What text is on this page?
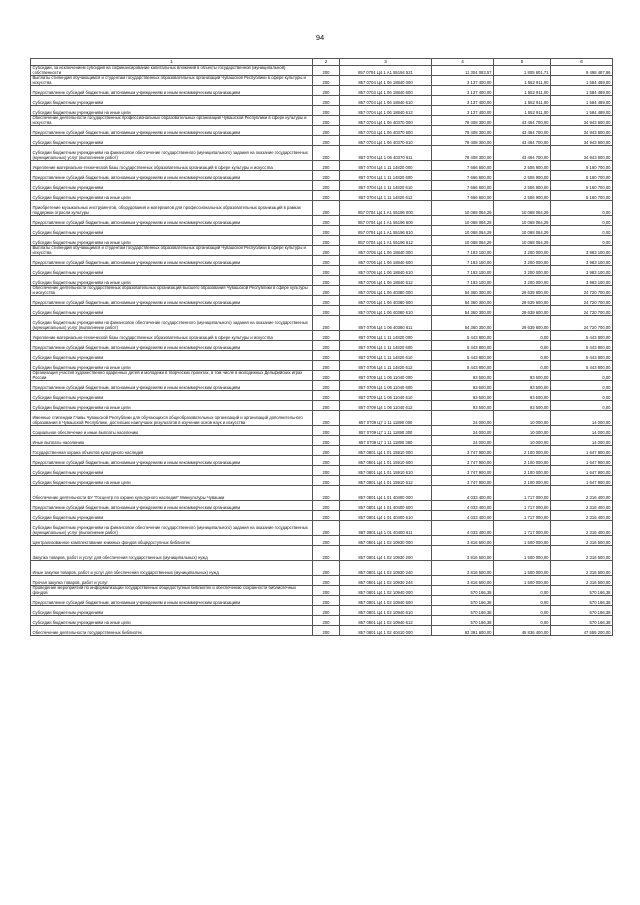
94
1	2	3	4	5	6
Субсидии, за исключением субсидий на софинансирование капитальных вложений в объекты государственной (муниципальной) собственности	200	857 0704 Ц4 1 А1 55194 521	11 304 083,57	1 805 601,71	9 498 487,86
Выплаты стипендий обучающимся и студентам государственных образовательных организаций Чувашской Республики в сфере культуры и искусства	200	857 0704 Ц4 1 06 18840 000	3 137 400,00	1 552 911,00	1 584 489,00
Предоставление субсидий бюджетным, автономным учреждениям и иным некоммерческим организациям	200	857 0704 Ц4 1 06 18840 600	3 137 400,00	1 552 911,00	1 584 489,00
Субсидии бюджетным учреждениям	200	857 0704 Ц4 1 06 18840 610	3 137 400,00	1 552 911,00	1 584 489,00
Субсидии бюджетным учреждениям на иные цели	200	857 0704 Ц4 1 06 18840 612	3 137 400,00	1 552 911,00	1 584 489,00
Обеспечение деятельности государственных профессиональных образовательных организаций Чувашской Республики в сфере культуры и искусства	200	857 0704 Ц4 1 06 40370 000	78 408 300,00	43 464 700,00	34 943 600,00
Предоставление субсидий бюджетным, автономным учреждениям и иным некоммерческим организациям	200	857 0704 Ц4 1 06 40370 600	78 408 300,00	43 464 700,00	34 943 600,00
Субсидии бюджетным учреждениям	200	857 0704 Ц4 1 06 40370 610	78 408 300,00	43 464 700,00	34 943 600,00
Субсидии бюджетным учреждениям на финансовое обеспечение государственного (муниципального) задания на оказание государственных (муниципальных) услуг (выполнение работ)	200	857 0704 Ц4 1 06 40370 611	78 408 300,00	43 464 700,00	34 943 600,00
Укрепление материально-технической базы государственных образовательных организаций в сфере культуры и искусства	200	857 0704 Ц4 1 11 14820 000	7 666 600,00	2 506 900,00	5 160 700,00
Предоставление субсидий бюджетным, автономным учреждениям и иным некоммерческим организациям	200	857 0704 Ц4 1 11 14820 600	7 666 600,00	2 506 900,00	5 160 700,00
Субсидии бюджетным учреждениям	200	857 0704 Ц4 1 11 14820 610	7 666 600,00	2 506 900,00	5 160 700,00
Субсидии бюджетным учреждениям на иные цели	200	857 0704 Ц4 1 11 14820 612	7 666 600,00	2 506 900,00	5 160 700,00
Приобретение музыкальных инструментов, оборудования и материалов для профессиональных образовательных организаций в рамках поддержки отрасли культуры	200	857 0704 Ц4 1 А1 55196 000	10 068 064,29	10 068 064,29	0,00
Предоставление субсидий бюджетным, автономным учреждениям и иным некоммерческим организациям	200	857 0704 Ц4 1 А1 55196 600	10 068 064,29	10 068 064,29	0,00
Субсидии бюджетным учреждениям	200	857 0704 Ц4 1 А1 55196 610	10 068 064,29	10 068 064,29	0,00
Субсидии бюджетным учреждениям на иные цели	200	857 0704 Ц4 1 А1 55196 612	10 068 064,29	10 068 064,29	0,00
Выплаты стипендий обучающимся и студентам государственных образовательных организаций Чувашской Республики в сфере культуры и искусства	200	857 0706 Ц4 1 06 18840 000	7 183 100,00	3 200 000,00	3 983 100,00
Предоставление субсидий бюджетным, автономным учреждениям и иным некоммерческим организациям	200	857 0706 Ц4 1 06 18840 600	7 183 100,00	3 200 000,00	3 983 100,00
Субсидии бюджетным учреждениям	200	857 0706 Ц4 1 06 18840 610	7 183 100,00	3 200 000,00	3 983 100,00
Субсидии бюджетным учреждениям на иные цели	200	857 0706 Ц4 1 06 18840 612	7 183 100,00	3 200 000,00	3 983 100,00
Обеспечение деятельности государственных образовательных организаций высшего образования Чувашской Республики в сфере культуры и искусства	200	857 0706 Ц4 1 06 40380 000	54 360 300,00	29 639 600,00	24 720 700,00
Предоставление субсидий бюджетным, автономным учреждениям и иным некоммерческим организациям	200	857 0706 Ц4 1 06 40380 600	54 360 300,00	29 639 600,00	24 720 700,00
Субсидии бюджетным учреждениям	200	857 0706 Ц4 1 06 40380 610	54 360 300,00	29 639 600,00	24 720 700,00
Субсидии бюджетным учреждениям на финансовое обеспечение государственного (муниципального) задания на оказание государственных (муниципальных) услуг (выполнение работ)	200	857 0706 Ц4 1 06 40380 611	54 360 300,00	29 639 600,00	24 720 700,00
Укрепление материально-технической базы государственных образовательных организаций в сфере культуры и искусства	200	857 0706 Ц4 1 11 14820 000	5 443 800,00	0,00	5 443 800,00
Предоставление субсидий бюджетным, автономным учреждениям и иным некоммерческим организациям	200	857 0706 Ц4 1 11 14820 600	5 443 800,00	0,00	5 443 800,00
Субсидии бюджетным учреждениям	200	857 0706 Ц4 1 11 14820 610	5 443 800,00	0,00	5 443 800,00
Субсидии бюджетным учреждениям на иные цели	200	857 0706 Ц4 1 11 14820 612	5 443 800,00	0,00	5 443 800,00
Организация участия художественно одаренных детей и молодежи в творческих проектах, в том числе в молодежных Дельфийских играх России	200	857 0709 Ц4 1 06 11040 000	93 500,00	93 500,00	0,00
Предоставление субсидий бюджетным, автономным учреждениям и иным некоммерческим организациям	200	857 0709 Ц4 1 06 11040 600	93 500,00	93 500,00	0,00
Субсидии бюджетным учреждениям	200	857 0709 Ц4 1 06 11040 610	93 500,00	93 500,00	0,00
Субсидии бюджетным учреждениям на иные цели	200	857 0709 Ц4 1 06 11040 612	93 500,00	93 500,00	0,00
Именные стипендии Главы Чувашской Республики для обучающихся общеобразовательных организаций и организаций дополнительного образования в Чувашской Республике, достигших наилучших результатов в изучении основ наук и искусства	200	857 0709 Ц7 1 11 11890 000	24 000,00	10 000,00	14 000,00
Социальное обеспечение и иные выплаты населению	200	857 0709 Ц7 1 11 11890 300	24 000,00	10 000,00	14 000,00
Иные выплаты населению	200	857 0709 Ц7 1 11 11890 360	24 000,00	10 000,00	14 000,00
Государственная охрана объектов культурного наследия	200	857 0801 Ц4 1 01 15910 000	3 747 900,00	2 100 000,00	1 647 900,00
Предоставление субсидий бюджетным, автономным учреждениям и иным некоммерческим организациям	200	857 0801 Ц4 1 01 15910 600	3 747 900,00	2 100 000,00	1 647 900,00
Субсидии бюджетным учреждениям	200	857 0801 Ц4 1 01 15910 610	3 747 900,00	2 100 000,00	1 647 900,00
Субсидии бюджетным учреждениям на иные цели	200	857 0801 Ц4 1 01 15910 612	3 747 900,00	2 100 000,00	1 647 900,00
Обеспечение деятельности БУ "Госцентр по охране культурного наследия" Минкультуры Чувашии	200	857 0801 Ц4 1 01 40400 000	4 033 400,00	1 717 000,00	2 316 400,00
Предоставление субсидий бюджетным, автономным учреждениям и иным некоммерческим организациям	200	857 0801 Ц4 1 01 40400 600	4 033 400,00	1 717 000,00	2 316 400,00
Субсидии бюджетным учреждениям	200	857 0801 Ц4 1 01 40400 610	4 033 400,00	1 717 000,00	2 316 400,00
Субсидии бюджетным учреждениям на финансовое обеспечение государственного (муниципального) задания на оказание государственных (муниципальных) услуг (выполнение работ)	200	857 0801 Ц4 1 01 40400 611	4 033 400,00	1 717 000,00	2 316 400,00
Централизованное комплектование книжных фондов общедоступных библиотек	200	857 0801 Ц4 1 02 10930 000	3 816 500,00	1 500 000,00	2 316 500,00
Закупка товаров, работ и услуг для обеспечения государственных (муниципальных) нужд	200	857 0801 Ц4 1 02 10930 200	3 816 500,00	1 500 000,00	2 316 500,00
Иные закупки товаров, работ и услуг для обеспечения государственных (муниципальных) нужд	200	857 0801 Ц4 1 02 10930 240	3 816 500,00	1 500 000,00	2 316 500,00
Прочая закупка товаров, работ и услуг	200	857 0801 Ц4 1 02 10930 244	3 816 500,00	1 500 000,00	2 316 500,00
Проведение мероприятий по информатизации государственных общедоступных библиотек и обеспечению сохранности библиотечных фондов	200	857 0801 Ц4 1 02 10940 000	570 166,38	0,00	570 166,38
Предоставление субсидий бюджетным, автономным учреждениям и иным некоммерческим организациям	200	857 0801 Ц4 1 02 10940 600	570 166,38	0,00	570 166,38
Субсидии бюджетным учреждениям	200	857 0801 Ц4 1 02 10940 610	570 166,38	0,00	570 166,38
Субсидии бюджетным учреждениям на иные цели	200	857 0801 Ц4 1 02 10940 612	570 166,38	0,00	570 166,38
Обеспечение деятельности государственных библиотек	200	857 0801 Ц4 1 02 40410 000	93 391 600,00	45 836 400,00	47 555 200,00
